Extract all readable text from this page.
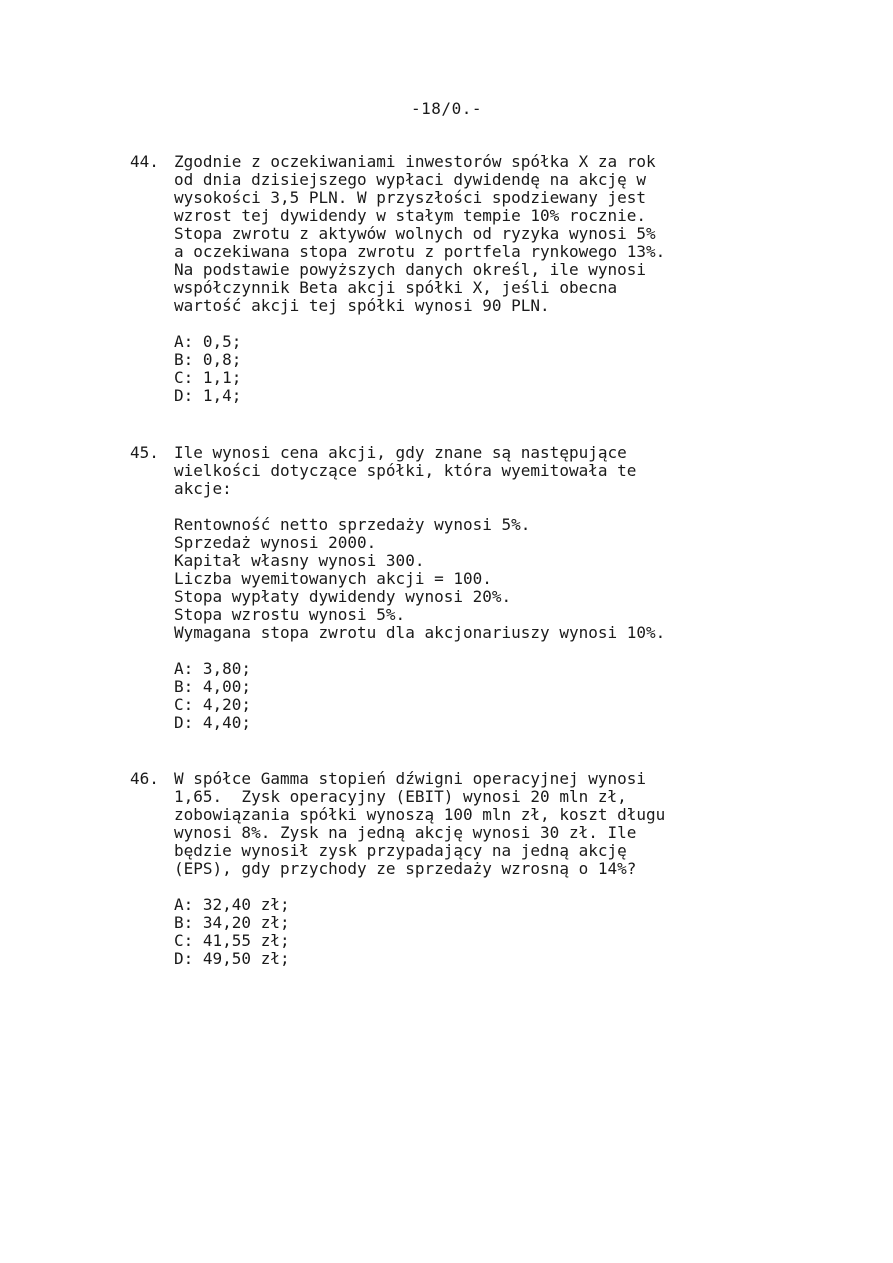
-18/0.-
44. Zgodnie z oczekiwaniami inwestorów spółka X za rok
od dnia dzisiejszego wypłaci dywidendę na akcję w
wysokości 3,5 PLN. W przyszłości spodziewany jest
wzrost tej dywidendy w stałym tempie 10% rocznie.
Stopa zwrotu z aktywów wolnych od ryzyka wynosi 5%
a oczekiwana stopa zwrotu z portfela rynkowego 13%.
Na podstawie powyższych danych określ, ile wynosi
współczynnik Beta akcji spółki X, jeśli obecna
wartość akcji tej spółki wynosi 90 PLN.
A: 0,5;
B: 0,8;
C: 1,1;
D: 1,4;
45. Ile wynosi cena akcji, gdy znane są następujące
wielkości dotyczące spółki, która wyemitowała te
akcje:
Rentowność netto sprzedaży wynosi 5%.
Sprzedaż wynosi 2000.
Kapitał własny wynosi 300.
Liczba wyemitowanych akcji = 100.
Stopa wypłaty dywidendy wynosi 20%.
Stopa wzrostu wynosi 5%.
Wymagana stopa zwrotu dla akcjonariuszy wynosi 10%.
A: 3,80;
B: 4,00;
C: 4,20;
D: 4,40;
46. W spółce Gamma stopień dźwigni operacyjnej wynosi
1,65.  Zysk operacyjny (EBIT) wynosi 20 mln zł,
zobowiązania spółki wynoszą 100 mln zł, koszt długu
wynosi 8%. Zysk na jedną akcję wynosi 30 zł. Ile
będzie wynosił zysk przypadający na jedną akcję
(EPS), gdy przychody ze sprzedaży wzrosną o 14%?
A: 32,40 zł;
B: 34,20 zł;
C: 41,55 zł;
D: 49,50 zł;
